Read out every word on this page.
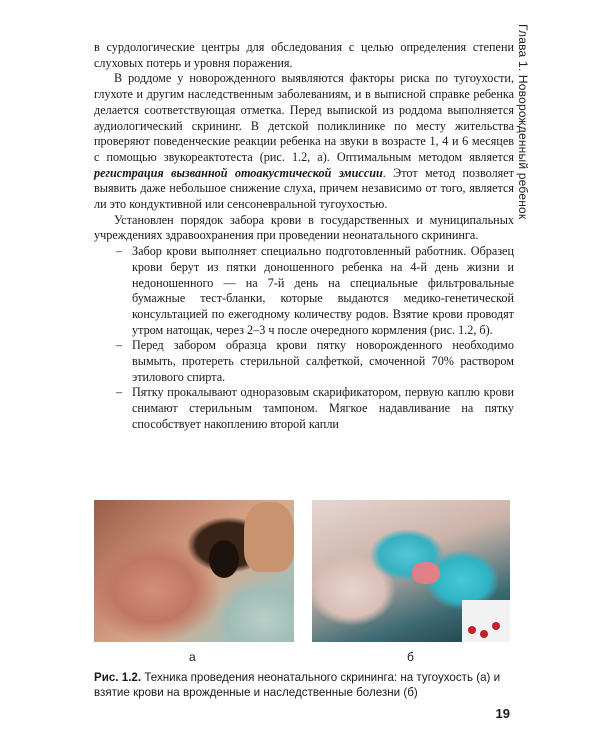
Глава 1. Новорожденный ребенок

в сурдологические центры для обследования с целью определения степени слуховых потерь и уровня поражения.

В роддоме у новорожденного выявляются факторы риска по тугоухости, глухоте и другим наследственным заболеваниям, и в выписной справке ребенка делается соответствующая отметка. Перед выпиской из роддома выполняется аудиологический скрининг. В детской поликлинике по месту жительства проверяют поведенческие реакции ребенка на звуки в возрасте 1, 4 и 6 месяцев с помощью звукореактотеста (рис. 1.2, а). Оптимальным методом является регистрация вызванной отоакустической эмиссии. Этот метод позволяет выявить даже небольшое снижение слуха, причем независимо от того, является ли это кондуктивной или сенсоневральной тугоухостью.

Установлен порядок забора крови в государственных и муниципальных учреждениях здравоохранения при проведении неонатального скрининга.

– Забор крови выполняет специально подготовленный работник. Образец крови берут из пятки доношенного ребенка на 4-й день жизни и недоношенного — на 7-й день на специальные фильтровальные бумажные тест-бланки, которые выдаются медико-генетической консультацией по ежегодному количеству родов. Взятие крови проводят утром натощак, через 2–3 ч после очередного кормления (рис. 1.2, б).
– Перед забором образца крови пятку новорожденного необходимо вымыть, протереть стерильной салфеткой, смоченной 70% раствором этилового спирта.
– Пятку прокалывают одноразовым скарификатором, первую каплю крови снимают стерильным тампоном. Мягкое надавливание на пятку способствует накоплению второй капли
а	б
Рис. 1.2. Техника проведения неонатального скрининга: на тугоухость (а) и взятие крови на врожденные и наследственные болезни (б)
19
